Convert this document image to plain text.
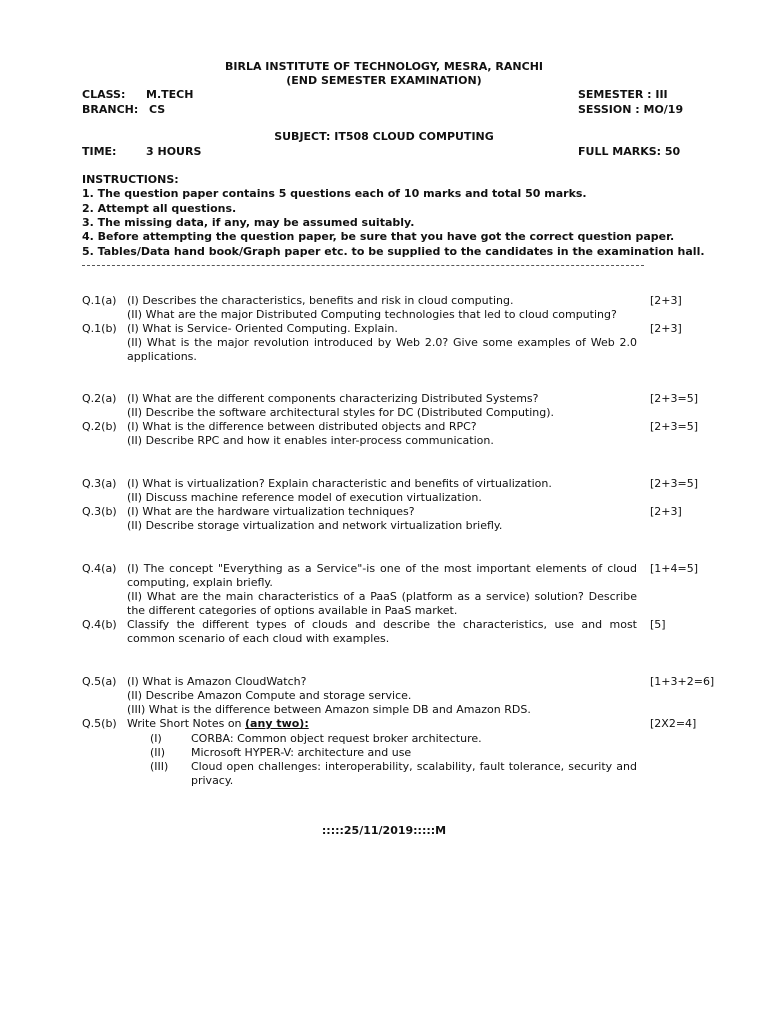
BIRLA INSTITUTE OF TECHNOLOGY, MESRA, RANCHI
(END SEMESTER EXAMINATION)
CLASS: M.TECH	SEMESTER : III
BRANCH: CS	SESSION : MO/19
SUBJECT: IT508 CLOUD COMPUTING
TIME:	3 HOURS	FULL MARKS: 50
INSTRUCTIONS:
1. The question paper contains 5 questions each of 10 marks and total 50 marks.
2. Attempt all questions.
3. The missing data, if any, may be assumed suitably.
4. Before attempting the question paper, be sure that you have got the correct question paper.
5. Tables/Data hand book/Graph paper etc. to be supplied to the candidates in the examination hall.
Q.1(a) (I) Describes the characteristics, benefits and risk in cloud computing.
(II) What are the major Distributed Computing technologies that led to cloud computing?
[2+3]
Q.1(b) (I) What is Service- Oriented Computing. Explain.
(II) What is the major revolution introduced by Web 2.0? Give some examples of Web 2.0 applications.
[2+3]
Q.2(a) (I) What are the different components characterizing Distributed Systems?
(II) Describe the software architectural styles for DC (Distributed Computing).
[2+3=5]
Q.2(b) (I) What is the difference between distributed objects and RPC?
(II) Describe RPC and how it enables inter-process communication.
[2+3=5]
Q.3(a) (I) What is virtualization? Explain characteristic and benefits of virtualization.
(II) Discuss machine reference model of execution virtualization.
[2+3=5]
Q.3(b) (I) What are the hardware virtualization techniques?
(II) Describe storage virtualization and network virtualization briefly.
[2+3]
Q.4(a) (I) The concept "Everything as a Service"-is one of the most important elements of cloud computing, explain briefly.
(II) What are the main characteristics of a PaaS (platform as a service) solution? Describe the different categories of options available in PaaS market.
[1+4=5]
Q.4(b) Classify the different types of clouds and describe the characteristics, use and most common scenario of each cloud with examples.
[5]
Q.5(a) (I) What is Amazon CloudWatch?
(II) Describe Amazon Compute and storage service.
(III) What is the difference between Amazon simple DB and Amazon RDS.
[1+3+2=6]
Q.5(b) Write Short Notes on (any two):	[2X2=4]
(I)	CORBA: Common object request broker architecture.
(II) Microsoft HYPER-V: architecture and use
(III) Cloud open challenges: interoperability, scalability, fault tolerance, security and privacy.
:::::25/11/2019:::::M
